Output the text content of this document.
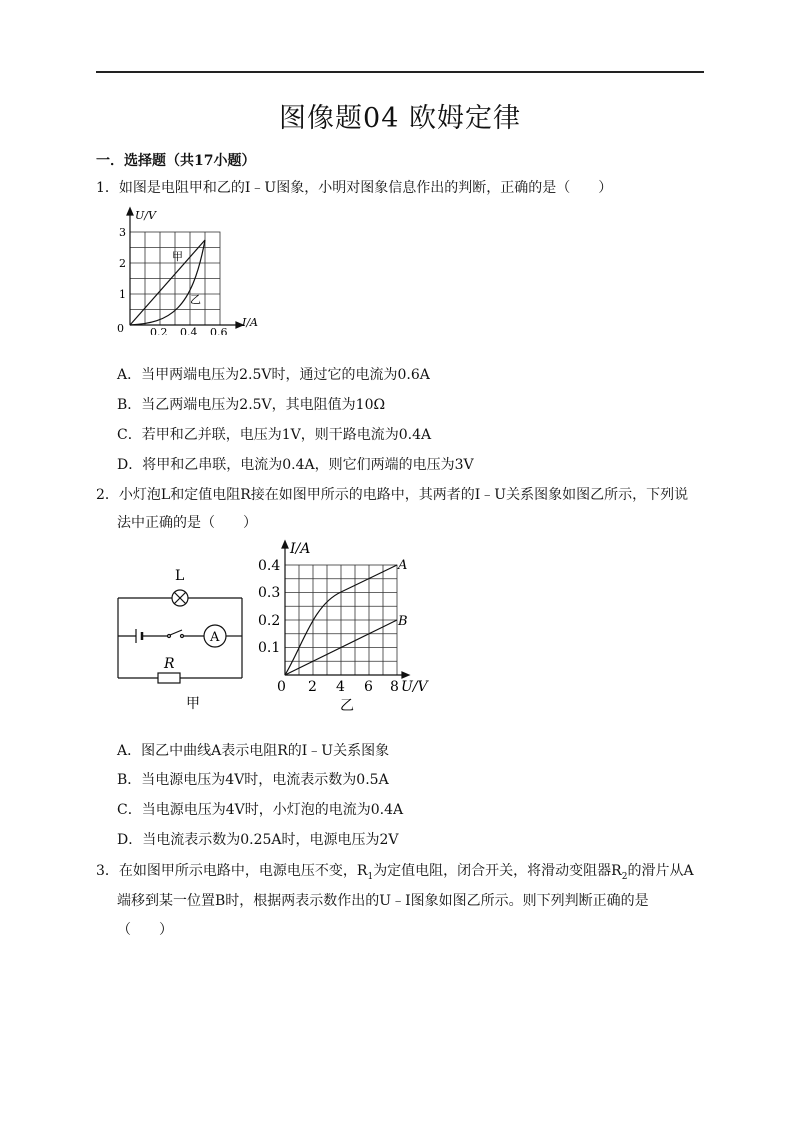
图像题04 欧姆定律
一．选择题（共17小题）
1．如图是电阻甲和乙的I﹣U图象，小明对图象信息作出的判断，正确的是（　　）
U/V
I/A
3
2
1
0 0.2 0.4 0.6
甲
乙
A．当甲两端电压为2.5V时，通过它的电流为0.6A
B．当乙两端电压为2.5V，其电阻值为10Ω
C．若甲和乙并联，电压为1V，则干路电流为0.4A
D．将甲和乙串联，电流为0.4A，则它们两端的电压为3V
2．小灯泡L和定值电阻R接在如图甲所示的电路中，其两者的I﹣U关系图象如图乙所示，下列说
法中正确的是（　　）
A
R
L
甲
I/A
U/V
0.4
0.3
0.2
0.1
0 2 4 6 8
A
B
乙
A．图乙中曲线A表示电阻R的I﹣U关系图象
B．当电源电压为4V时，电流表示数为0.5A
C．当电源电压为4V时，小灯泡的电流为0.4A
D．当电流表示数为0.25A时，电源电压为2V
3．在如图甲所示电路中，电源电压不变，$R_1$为定值电阻，闭合开关，将滑动变阻器$R_2$的滑片从A
端移到某一位置B时，根据两表示数作出的U﹣I图象如图乙所示。则下列判断正确的是
（　　）
